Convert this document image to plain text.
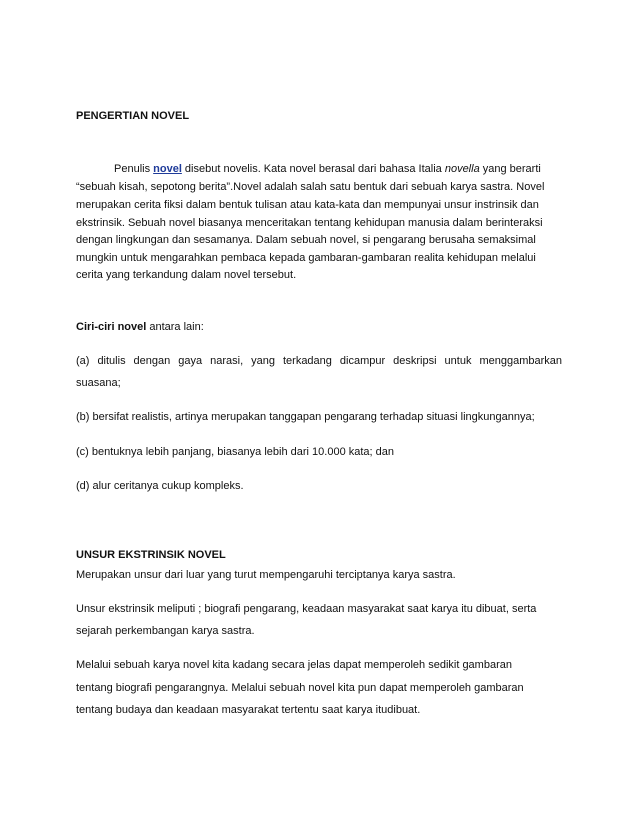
PENGERTIAN NOVEL
Penulis novel disebut novelis. Kata novel berasal dari bahasa Italia novella yang berarti
“sebuah kisah, sepotong berita”.Novel adalah salah satu bentuk dari sebuah karya sastra. Novel
merupakan cerita fiksi dalam bentuk tulisan atau kata-kata dan mempunyai unsur instrinsik dan
ekstrinsik. Sebuah novel biasanya menceritakan tentang kehidupan manusia dalam berinteraksi
dengan lingkungan dan sesamanya. Dalam sebuah novel, si pengarang berusaha semaksimal
mungkin untuk mengarahkan pembaca kepada gambaran-gambaran realita kehidupan melalui
cerita yang terkandung dalam novel tersebut.
Ciri-ciri novel antara lain:
(a) ditulis dengan gaya narasi, yang terkadang dicampur deskripsi untuk menggambarkan
suasana;
(b) bersifat realistis, artinya merupakan tanggapan pengarang terhadap situasi lingkungannya;
(c) bentuknya lebih panjang, biasanya lebih dari 10.000 kata; dan
(d) alur ceritanya cukup kompleks.
UNSUR EKSTRINSIK NOVEL
Merupakan unsur dari luar yang turut mempengaruhi terciptanya karya sastra.
Unsur ekstrinsik meliputi ; biografi pengarang, keadaan masyarakat saat karya itu dibuat, serta
sejarah perkembangan karya sastra.
Melalui sebuah karya novel kita kadang secara jelas dapat memperoleh sedikit gambaran
tentang biografi pengarangnya. Melalui sebuah novel kita pun dapat memperoleh gambaran
tentang budaya dan keadaan masyarakat tertentu saat karya itudibuat.
